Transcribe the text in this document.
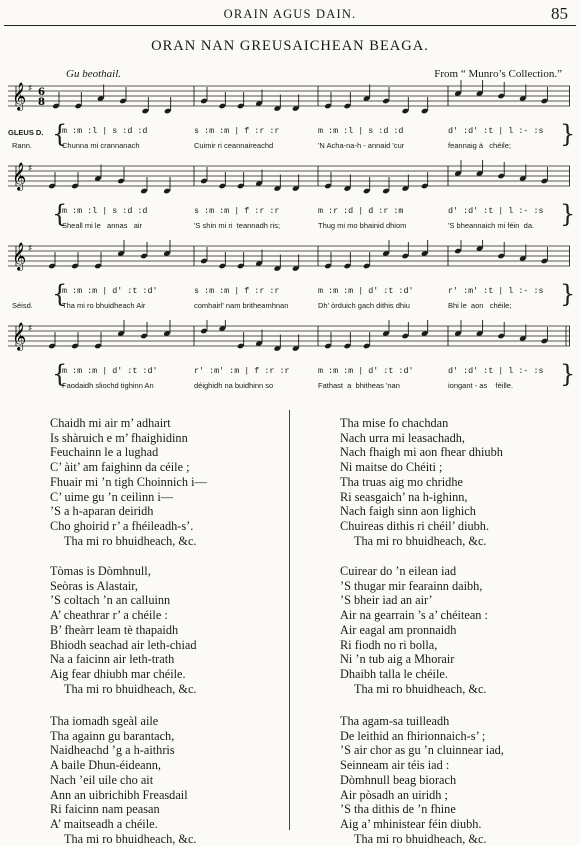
ORAIN AGUS DAIN.	85
ORAN NAN GREUSAICHEAN BEAGA.
Gu beothail.	From “ Munro’s Collection.”
𝄞 ♯ 6
8
m :m :l | s :d :d
Chunna mi crannanach
s :m :m | f :r :r
Cuimir ri ceannaireachd
m :m :l | s :d :d
'N Acha-na-h - annaid 'cur
d' :d' :t | l :- :s
feannaig á   chéile;
{	}
GLEUS D.
Rann.
𝄞 ♯
m :m :l | s :d :d
Sheall mi le   annas   air
s :m :m | f :r :r
'S shin mi ri  teannadh ris;
m :r :d | d :r :m
Thug mi mo bhainid dhiom
d' :d' :t | l :- :s
'S bheannaich mi féin  da.
{	}
𝄞 ♯
m :m :m | d' :t :d'
Tha mi ro bhuidheach Air
s :m :m | f :r :r
comhairl' nam britheamhnan
m :m :m | d' :t :d'
Dh' òrduich gach dithis dhiu
r' :m' :t | l :- :s
Bhi le  aon   chéile;
{	}
Séisd.
𝄞 ♯
m :m :m | d' :t :d'
Faodaidh sliochd tighinn An
r' :m' :m | f :r :r
déighidh na buidhinn so
m :m :m | d' :t :d'
Fathast  a  bhitheas 'nan
d' :d' :t | l :- :s
iongant - as    féille.
{	}
Chaidh mi air m’ adhairt
Is shàruich e m’ fhaighidinn
Feuchainn le a lughad
C’ àit’ am faighinn da céile ;
Fhuair mi ’n tigh Choinnich i—
C’ uime gu ’n ceilinn i—
’S a h-aparan deiridh
Cho ghoirid r’ a fhéileadh-s’.
Tha mi ro bhuidheach, &c.
Tòmas is Dòmhnull,
Seòras is Alastair,
’S coltach ’n an calluinn
A’ cheathrar r’ a chéile :
B’ fheàrr leam tè thapaidh
Bhiodh seachad air leth-chiad
Na a faicinn air leth-trath
Aig fear dhiubh mar chéile.
Tha mi ro bhuidheach, &c.
Tha iomadh sgeàl aile
Tha againn gu barantach,
Naidheachd ’g a h-aithris
A baile Dhun-éideann,
Nach ’eil uile cho ait
Ann an uibrichibh Freasdail
Ri faicinn nam peasan
A’ maitseadh a chéile.
Tha mi ro bhuidheach, &c.
Tha mise fo chachdan
Nach urra mi leasachadh,
Nach fhaigh mi aon fhear dhiubh
Ni maitse do Chéiti ;
Tha truas aig mo chridhe
Ri seasgaich’ na h-ighinn,
Nach faigh sinn aon lighich
Chuireas dithis ri chéil’ diubh.
Tha mi ro bhuidheach, &c.
Cuirear do ’n eilean iad
’S thugar mir fearainn daibh,
’S bheir iad an air’
Air na gearrain ’s a’ chéitean :
Air eagal am pronnaidh
Ri fiodh no ri bolla,
Ni ’n tub aig a Mhorair
Dhaibh talla le chéile.
Tha mi ro bhuidheach, &c.
Tha agam-sa tuilleadh
De leithid an fhirionnaich-s’ ;
’S air chor as gu ’n cluinnear iad,
Seinneam air téis iad :
Dòmhnull beag biorach
Air pòsadh an uiridh ;
’S tha dithis de ’n fhine
Aig a’ mhinistear féin diubh.
Tha mi ro bhuidheach, &c.
